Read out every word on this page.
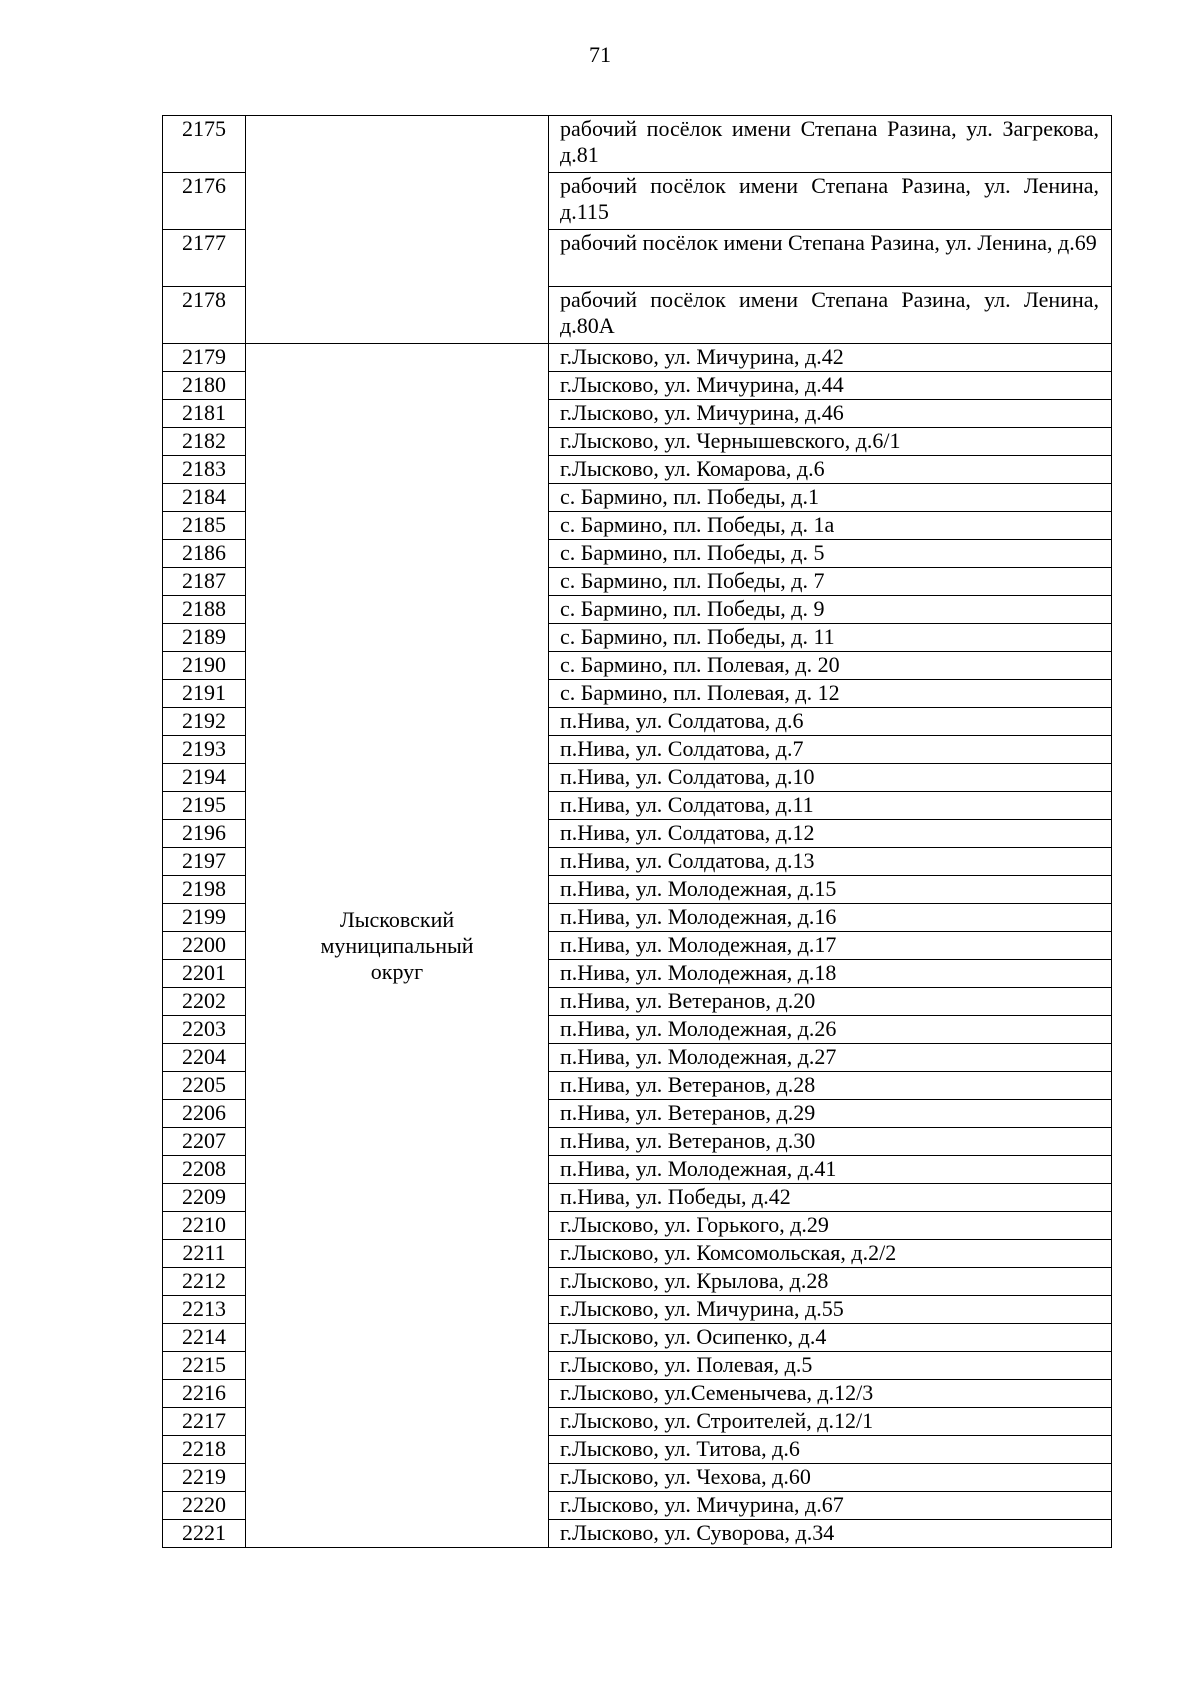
71
2175		рабочий посёлок имени Степана Разина, ул. Загрекова, д.81
2176		рабочий посёлок имени Степана Разина, ул. Ленина, д.115
2177		рабочий посёлок имени Степана Разина, ул. Ленина, д.69
2178		рабочий посёлок имени Степана Разина, ул. Ленина, д.80А
2179	Лысковский муниципальный округ	г.Лысково, ул. Мичурина, д.42
2180		г.Лысково, ул. Мичурина, д.44
2181		г.Лысково, ул. Мичурина, д.46
2182		г.Лысково, ул. Чернышевского, д.6/1
2183		г.Лысково, ул. Комарова, д.6
2184		с. Бармино, пл. Победы, д.1
2185		с. Бармино, пл. Победы, д. 1а
2186		с. Бармино, пл. Победы, д. 5
2187		с. Бармино, пл. Победы, д. 7
2188		с. Бармино, пл. Победы, д. 9
2189		с. Бармино, пл. Победы, д. 11
2190		с. Бармино, пл. Полевая, д. 20
2191		с. Бармино, пл. Полевая, д. 12
2192		п.Нива, ул. Солдатова, д.6
2193		п.Нива, ул. Солдатова, д.7
2194		п.Нива, ул. Солдатова, д.10
2195		п.Нива, ул. Солдатова, д.11
2196		п.Нива, ул. Солдатова, д.12
2197		п.Нива, ул. Солдатова, д.13
2198		п.Нива, ул. Молодежная, д.15
2199		п.Нива, ул. Молодежная, д.16
2200		п.Нива, ул. Молодежная, д.17
2201		п.Нива, ул. Молодежная, д.18
2202		п.Нива, ул. Ветеранов, д.20
2203		п.Нива, ул. Молодежная, д.26
2204		п.Нива, ул. Молодежная, д.27
2205		п.Нива, ул. Ветеранов, д.28
2206		п.Нива, ул. Ветеранов, д.29
2207		п.Нива, ул. Ветеранов, д.30
2208		п.Нива, ул. Молодежная, д.41
2209		п.Нива, ул. Победы, д.42
2210		г.Лысково, ул. Горького, д.29
2211		г.Лысково, ул. Комсомольская, д.2/2
2212		г.Лысково, ул. Крылова, д.28
2213		г.Лысково, ул. Мичурина, д.55
2214		г.Лысково, ул. Осипенко, д.4
2215		г.Лысково, ул. Полевая, д.5
2216		г.Лысково, ул.Семенычева, д.12/3
2217		г.Лысково, ул. Строителей, д.12/1
2218		г.Лысково, ул. Титова, д.6
2219		г.Лысково, ул. Чехова, д.60
2220		г.Лысково, ул. Мичурина, д.67
2221		г.Лысково, ул. Суворова, д.34
